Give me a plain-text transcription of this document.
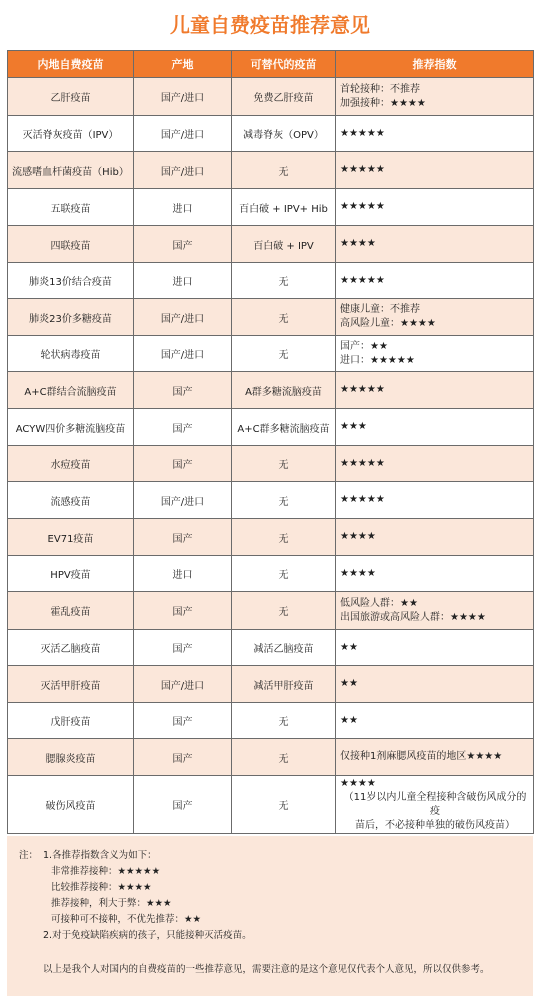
儿童自费疫苗推荐意见
内地自费疫苗	产地	可替代的疫苗	推荐指数
乙肝疫苗	国产/进口	免费乙肝疫苗	首轮接种：不推荐
加强接种：★★★★

灭活脊灰疫苗（IPV）	国产/进口	减毒脊灰（OPV）	★★★★★

流感嗜血杆菌疫苗（Hib）	国产/进口	无	★★★★★

五联疫苗	进口	百白破 + IPV+ Hib	★★★★★

四联疫苗	国产	百白破 + IPV	★★★★

肺炎13价结合疫苗	进口	无	★★★★★

肺炎23价多糖疫苗	国产/进口	无	健康儿童：不推荐
高风险儿童：★★★★

轮状病毒疫苗	国产/进口	无	国产：★★
进口：★★★★★

A+C群结合流脑疫苗	国产	A群多糖流脑疫苗	★★★★★

ACYW四价多糖流脑疫苗	国产	A+C群多糖流脑疫苗	★★★

水痘疫苗	国产	无	★★★★★

流感疫苗	国产/进口	无	★★★★★

EV71疫苗	国产	无	★★★★

HPV疫苗	进口	无	★★★★

霍乱疫苗	国产	无	低风险人群：★★
出国旅游或高风险人群：★★★★

灭活乙脑疫苗	国产	减活乙脑疫苗	★★

灭活甲肝疫苗	国产/进口	减活甲肝疫苗	★★

戊肝疫苗	国产	无	★★

腮腺炎疫苗	国产	无	仅接种1剂麻腮风疫苗的地区★★★★

破伤风疫苗	国产	无	★★★★
（11岁以内儿童全程接种含破伤风成分的疫
苗后，不必接种单独的破伤风疫苗）
注： 1.各推荐指数含义为如下：
非常推荐接种：★★★★★
比较推荐接种：★★★★
推荐接种，利大于弊：★★★
可接种可不接种，不优先推荐：★★
2.对于免疫缺陷疾病的孩子，只能接种灭活疫苗。
以上是我个人对国内的自费疫苗的一些推荐意见，需要注意的是这个意见仅代表个人意见，所以仅供参考。
